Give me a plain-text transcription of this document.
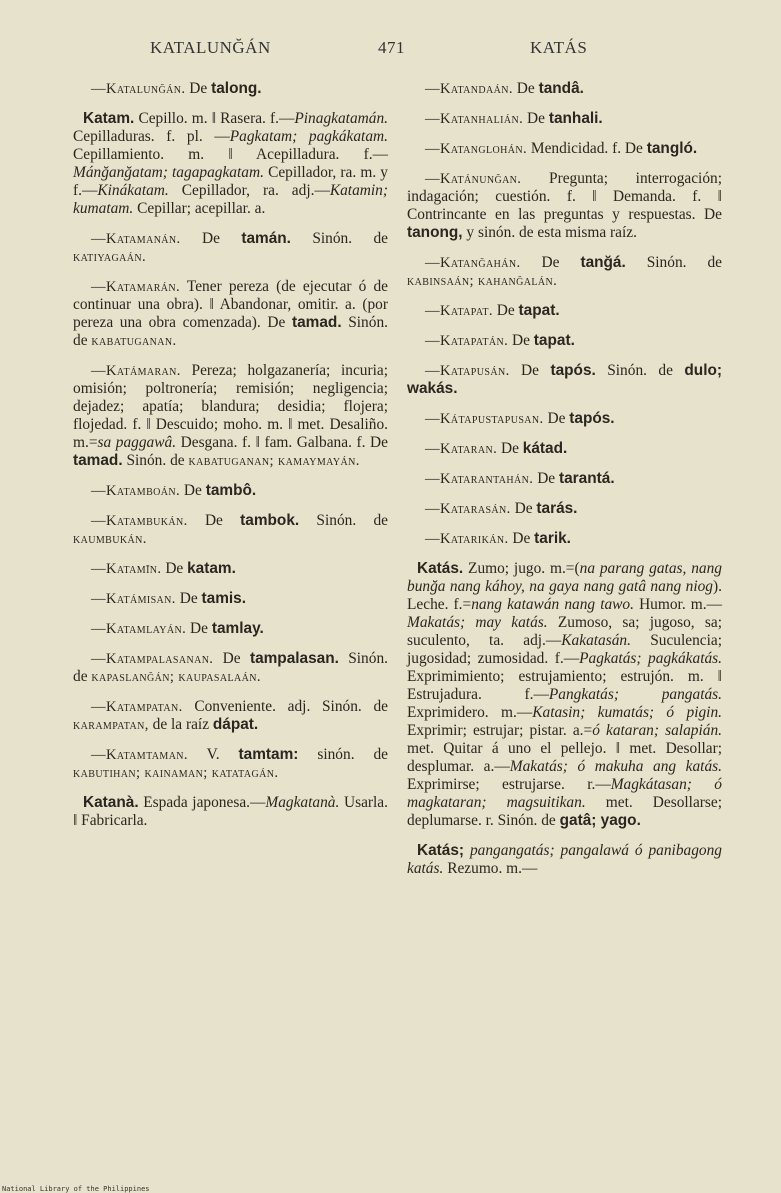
KATALUNĞÁN	471	KATÁS

—Katalunğán. De talong.

Katam. Cepillo. m. ‖ Rasera. f.—Pinagkatamán. Cepilladuras. f. pl. —Pagkatam; pagkákatam. Cepillamiento. m. ‖ Acepilladura. f.—Mánğanğatam; tagapagkatam. Cepillador, ra. m. y f.—Kinákatam. Cepillador, ra. adj.—Katamin; kumatam. Cepillar; acepillar. a.

—Katamanán. De tamán. Sinón. de katiyagaán.

—Katamarán. Tener pereza (de ejecutar ó de continuar una obra). ‖ Abandonar, omitir. a. (por pereza una obra comenzada). De tamad. Sinón. de kabatuganan.

—Katámaran. Pereza; holgazanería; incuria; omisión; poltronería; remisión; negligencia; dejadez; apatía; blandura; desidia; flojera; flojedad. f. ‖ Descuido; moho. m. ‖ met. Desaliño. m.=sa paggawâ. Desgana. f. ‖ fam. Galbana. f. De tamad. Sinón. de kabatuganan; kamaymayán.

—Katamboán. De tambô.

—Katambukán. De tambok. Sinón. de kaumbukán.

—Katamīn. De katam.

—Katámisan. De tamis.

—Katamlayán. De tamlay.

—Katampalasanan. De tampalasan. Sinón. de kapaslanğán; kaupasalaán.

—Katampatan. Conveniente. adj. Sinón. de karampatan, de la raíz dápat.

—Katamtaman. V. tamtam: sinón. de kabutihan; kainaman; katatagán.

Katanà. Espada japonesa.—Magkatanà. Usarla. ‖ Fabricarla.

—Katandaán. De tandâ.

—Katanhalián. De tanhali.

—Katanglohán. Mendicidad. f. De tangló.

—Katánunğan. Pregunta; interrogación; indagación; cuestión. f. ‖ Demanda. f. ‖ Contrincante en las preguntas y respuestas. De tanong, y sinón. de esta misma raíz.

—Katanğahán. De tanğá. Sinón. de kabinsaán; kahanğalán.

—Katapat. De tapat.

—Katapatán. De tapat.

—Katapusán. De tapós. Sinón. de dulo; wakás.

—Kátapustapusan. De tapós.

—Kataran. De kátad.

—Katarantahán. De tarantá.

—Katarasán. De tarás.

—Katarikán. De tarik.

Katás. Zumo; jugo. m.=(na parang gatas, nang bunğa nang káhoy, na gaya nang gatâ nang niog). Leche. f.=nang katawán nang tawo. Humor. m.—Makatás; may katás. Zumoso, sa; jugoso, sa; suculento, ta. adj.—Kakatasán. Suculencia; jugosidad; zumosidad. f.—Pagkatás; pagkákatás. Exprimimiento; estrujamiento; estrujón. m. ‖ Estrujadura. f.—Pangkatás; pangatás. Exprimidero. m.—Katasin; kumatás; ó pigin. Exprimir; estrujar; pistar. a.=ó kataran; salapián. met. Quitar á uno el pellejo. ‖ met. Desollar; desplumar. a.—Makatás; ó makuha ang katás. Exprimirse; estrujarse. r.—Magkátasan; ó magkataran; magsuitikan. met. Desollarse; deplumarse. r. Sinón. de gatâ; yago.

Katás; pangangatás; pangalawá ó panibagong katás. Rezumo. m.—

National Library of the Philippines
